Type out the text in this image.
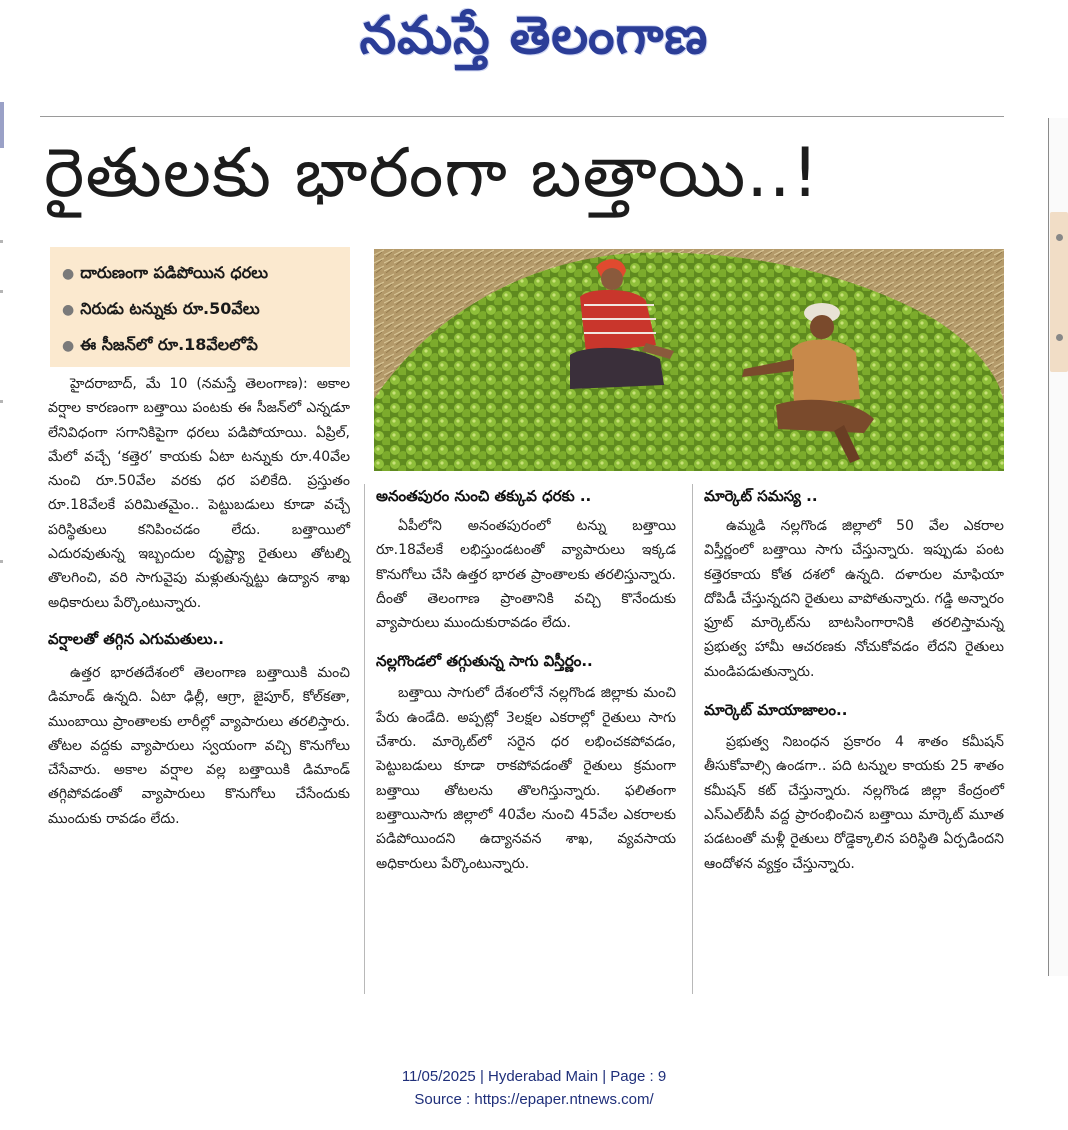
నమస్తే తెలంగాణ
రైతులకు భారంగా బత్తాయి..!
● దారుణంగా పడిపోయిన ధరలు
● నిరుడు టన్నుకు రూ.50వేలు
● ఈ సీజన్‌లో రూ.18వేలలోపే

హైదరాబాద్‌, మే 10 (నమస్తే తెలంగాణ): అకాల వర్షాల కారణంగా బత్తాయి పంటకు ఈ సీజన్‌లో ఎన్నడూ లేనివిధంగా సగానికిపైగా ధరలు పడిపోయాయి. ఏప్రిల్‌, మేలో వచ్చే ‘కత్తెర’ కాయకు ఏటా టన్నుకు రూ.40వేల నుంచి రూ.50వేల వరకు ధర పలికేది. ప్రస్తుతం రూ.18వేలకే పరిమితమైం.. పెట్టుబడులు కూడా వచ్చే పరిస్థితులు కనిపించడం లేదు. బత్తాయిలో ఎదురవుతున్న ఇబ్బందుల దృష్ట్యా రైతులు తోటల్ని తొలగించి, వరి సాగువైపు మళ్లుతున్నట్టు ఉద్యాన శాఖ అధికారులు పేర్కొంటున్నారు.

వర్షాలతో తగ్గిన ఎగుమతులు..

ఉత్తర భారతదేశంలో తెలంగాణ బత్తాయికి మంచి డిమాండ్‌ ఉన్నది. ఏటా ఢిల్లీ, ఆగ్రా, జైపూర్‌, కోల్‌కతా, ముంబాయి ప్రాంతాలకు లారీల్లో వ్యాపారులు తరలిస్తారు. తోటల వద్దకు వ్యాపారులు స్వయంగా వచ్చి కొనుగోలు చేసేవారు. అకాల వర్షాల వల్ల బత్తాయికి డిమాండ్‌ తగ్గిపోవడంతో వ్యాపారులు కొనుగోలు చేసేందుకు ముందుకు రావడం లేదు.

అనంతపురం నుంచి తక్కువ ధరకు ..

ఏపీలోని అనంతపురంలో టన్ను బత్తాయి రూ.18వేలకే లభిస్తుండటంతో వ్యాపారులు ఇక్కడ కొనుగోలు చేసి ఉత్తర భారత ప్రాంతాలకు తరలిస్తున్నారు. దీంతో తెలంగాణ ప్రాంతానికి వచ్చి కొనేందుకు వ్యాపారులు ముందుకురావడం లేదు.

నల్లగొండలో తగ్గుతున్న సాగు విస్తీర్ణం..

బత్తాయి సాగులో దేశంలోనే నల్లగొండ జిల్లాకు మంచి పేరు ఉండేది. అప్పట్లో 3లక్షల ఎకరాల్లో రైతులు సాగు చేశారు. మార్కెట్‌లో సరైన ధర లభించకపోవడం, పెట్టుబడులు కూడా రాకపోవడంతో రైతులు క్రమంగా బత్తాయి తోటలను తొలగిస్తున్నారు. ఫలితంగా బత్తాయిసాగు జిల్లాలో 40వేల నుంచి 45వేల ఎకరాలకు పడిపోయిందని ఉద్యానవన శాఖ, వ్యవసాయ అధికారులు పేర్కొంటున్నారు.

మార్కెట్‌ సమస్య ..

ఉమ్మడి నల్లగొండ జిల్లాలో 50 వేల ఎకరాల విస్తీర్ణంలో బత్తాయి సాగు చేస్తున్నారు. ఇప్పుడు పంట కత్తెరకాయ కోత దశలో ఉన్నది. దళారుల మాఫియా దోపిడీ చేస్తున్నదని రైతులు వాపోతున్నారు. గడ్డి అన్నారం ఫ్రూట్‌ మార్కెట్‌ను బాటసింగారానికి తరలిస్తామన్న ప్రభుత్వ హామీ ఆచరణకు నోచుకోవడం లేదని రైతులు మండిపడుతున్నారు.

మార్కెట్‌ మాయాజాలం..

ప్రభుత్వ నిబంధన ప్రకారం 4 శాతం కమీషన్‌ తీసుకోవాల్సి ఉండగా.. పది టన్నుల కాయకు 25 శాతం కమీషన్‌ కట్‌ చేస్తున్నారు. నల్లగొండ జిల్లా కేంద్రంలో ఎస్‌ఎల్‌బీసీ వద్ద ప్రారంభించిన బత్తాయి మార్కెట్‌ మూత పడటంతో మళ్లీ రైతులు రోడ్డెక్కాలిన పరిస్థితి ఏర్పడిందని ఆందోళన వ్యక్తం చేస్తున్నారు.

11/05/2025 | Hyderabad Main | Page : 9
Source : https://epaper.ntnews.com/
